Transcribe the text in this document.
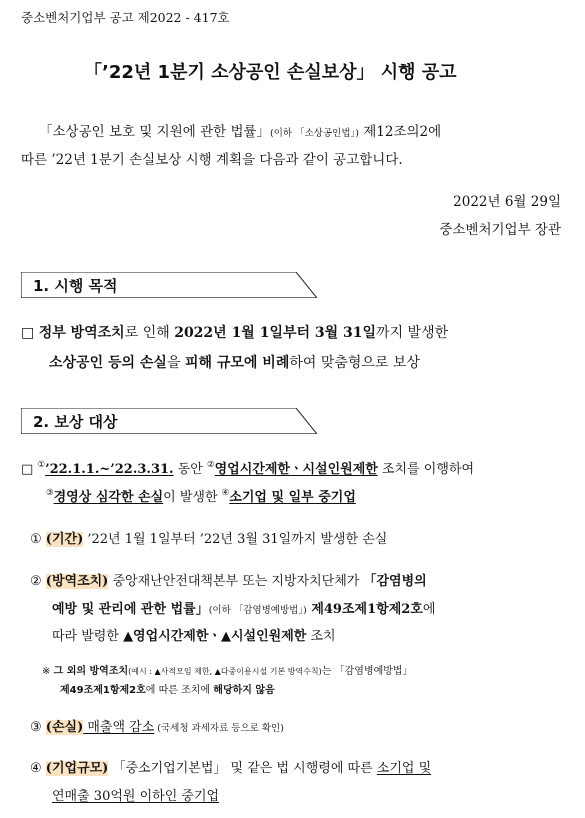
중소벤처기업부 공고 제2022 - 417호
「’22년 1분기 소상공인 손실보상」 시행 공고
「소상공인 보호 및 지원에 관한 법률」(이하 「소상공인법」) 제12조의2에
따른 ’22년 1분기 손실보상 시행 계획을 다음과 같이 공고합니다.
2022년 6월 29일
중소벤처기업부 장관
1. 시행 목적
□ 정부 방역조치로 인해 2022년 1월 1일부터 3월 31일까지 발생한
소상공인 등의 손실을 피해 규모에 비례하여 맞춤형으로 보상
2. 보상 대상
□ ①’22.1.1.~’22.3.31. 동안 ②영업시간제한ㆍ시설인원제한 조치를 이행하여
③경영상 심각한 손실이 발생한 ④소기업 및 일부 중기업
① (기간) ’22년 1월 1일부터 ’22년 3월 31일까지 발생한 손실
② (방역조치) 중앙재난안전대책본부 또는 지방자치단체가 「감염병의
예방 및 관리에 관한 법률」(이하 「감염병예방법」) 제49조제1항제2호에
따라 발령한 ▲영업시간제한ㆍ▲시설인원제한 조치
※ 그 외의 방역조치(예시 : ▲사적모임 제한, ▲다중이용시설 기본 방역수칙)는 「감염병예방법」
제49조제1항제2호에 따른 조치에 해당하지 않음
③ (손실) 매출액 감소 (국세청 과세자료 등으로 확인)
④ (기업규모) 「중소기업기본법」 및 같은 법 시행령에 따른 소기업 및
연매출 30억원 이하인 중기업
